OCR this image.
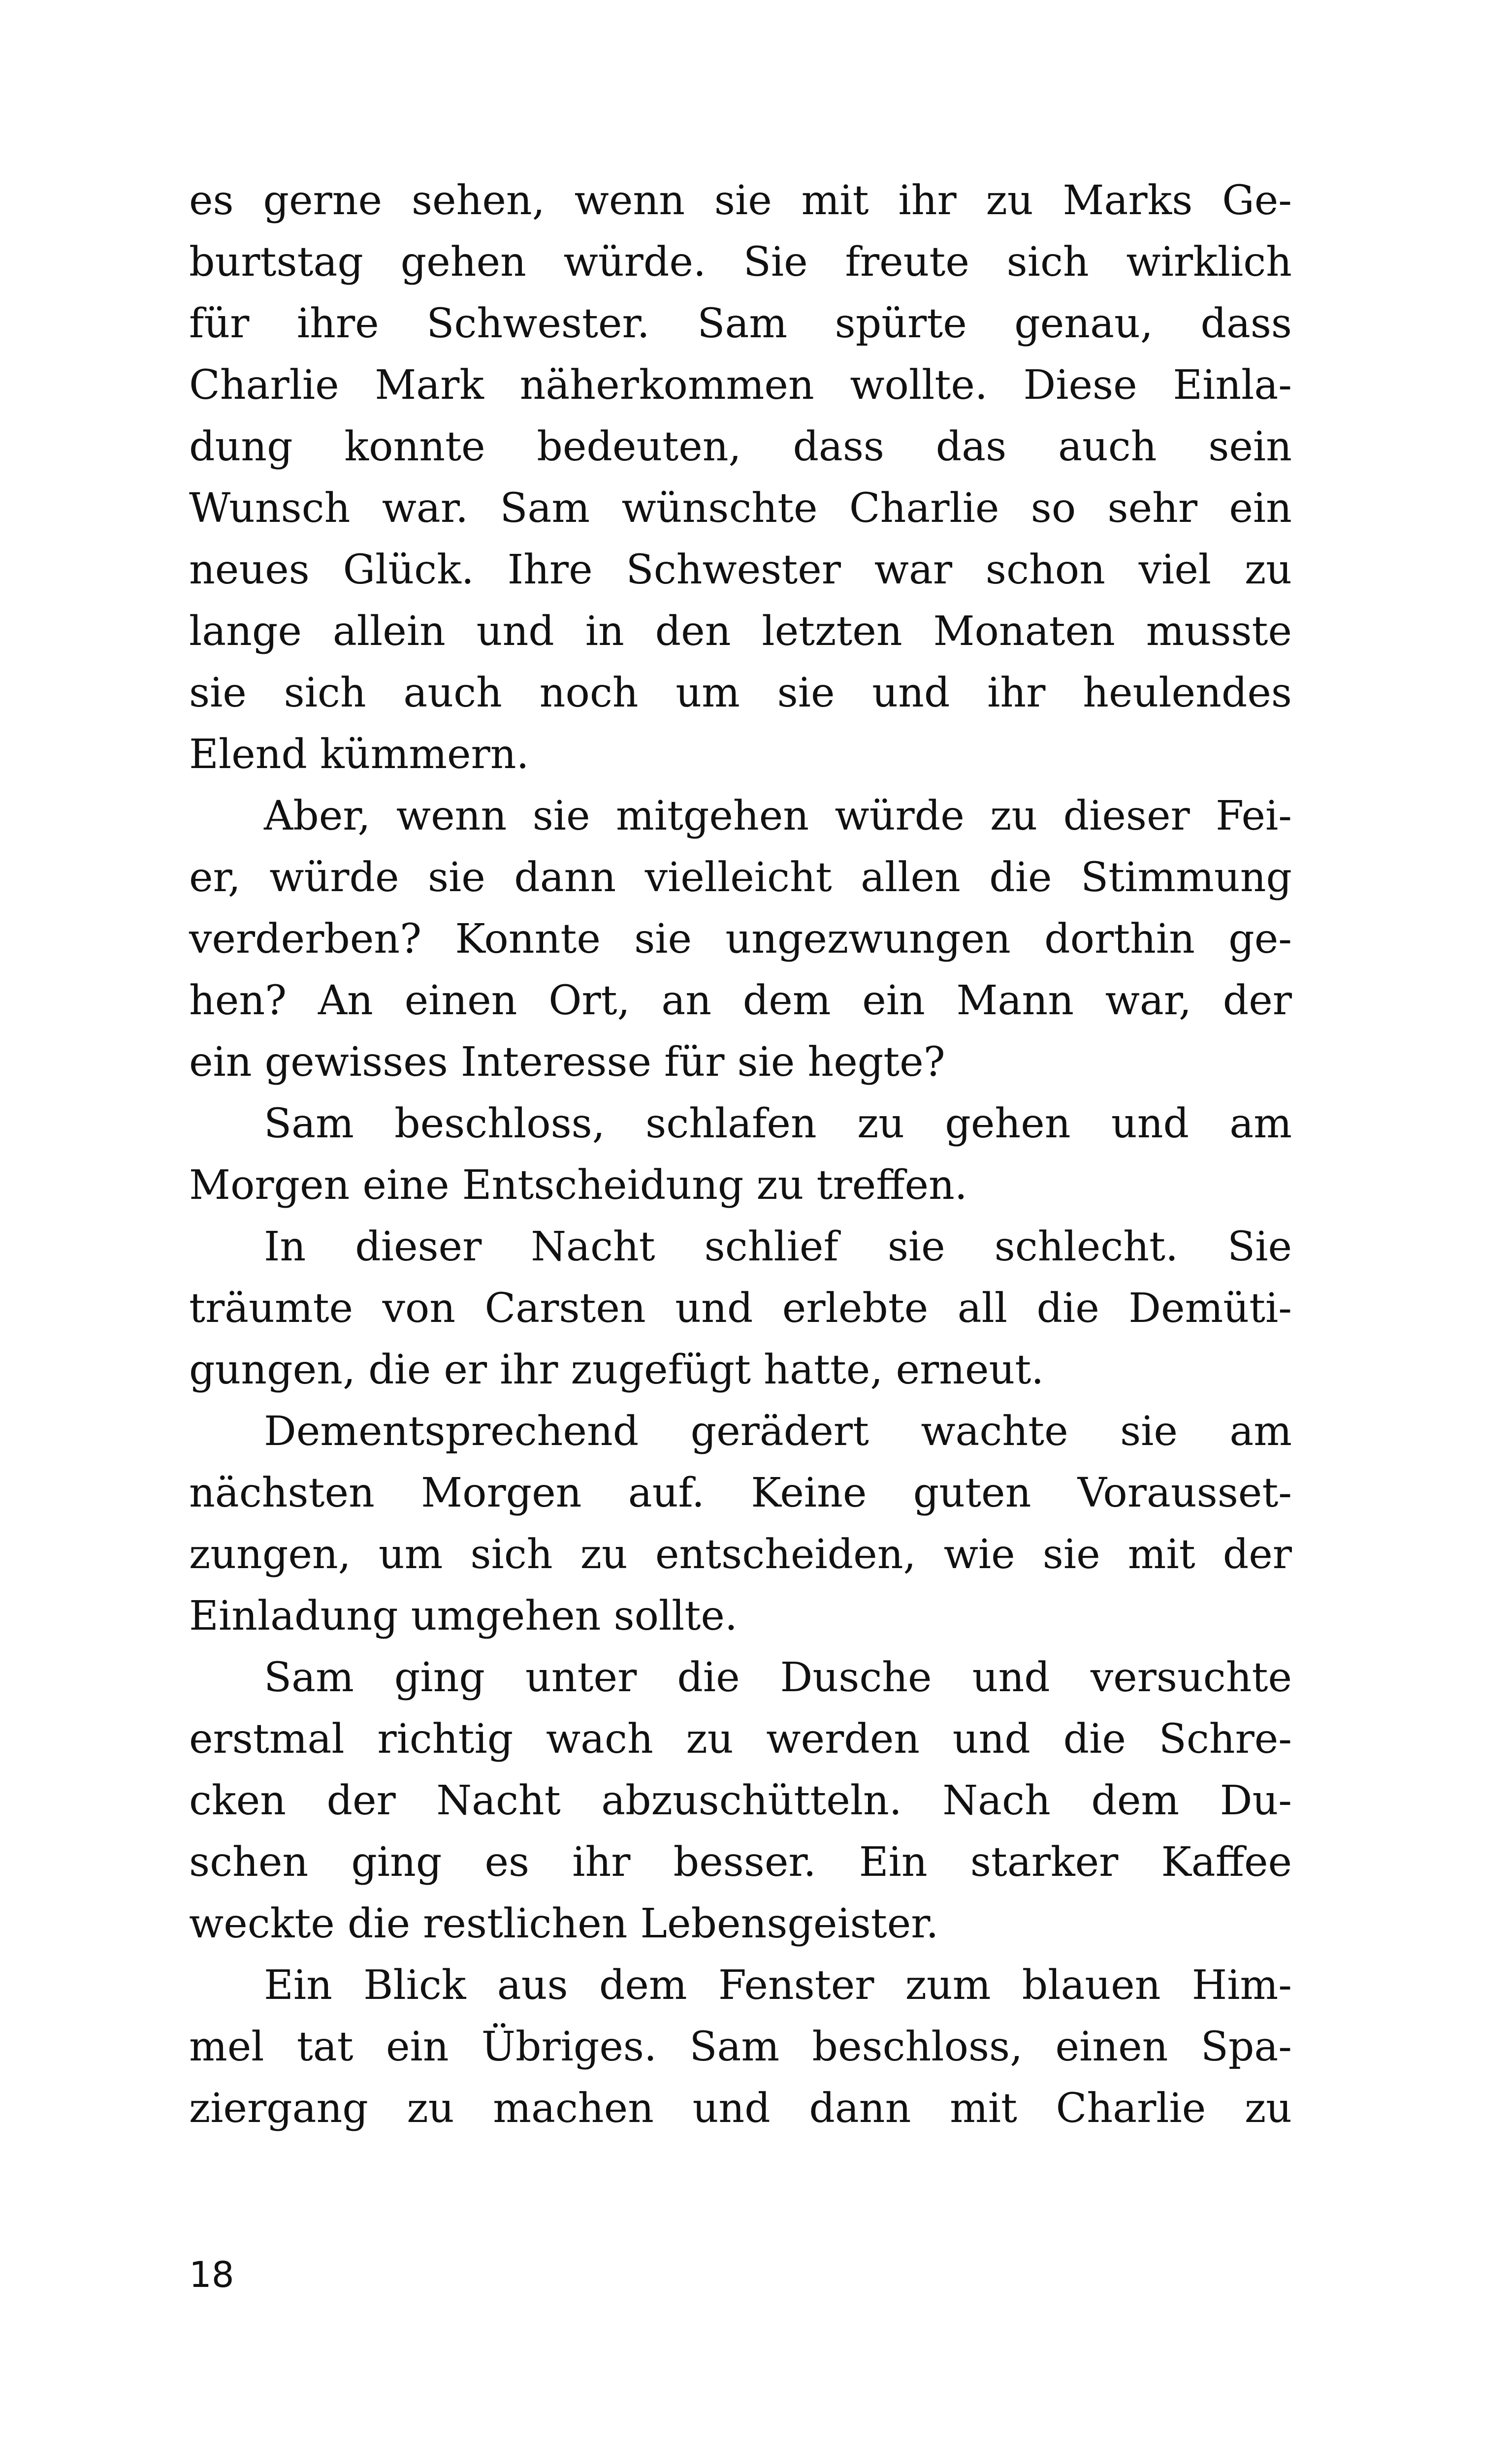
es gerne sehen, wenn sie mit ihr zu Marks Ge-
burtstag gehen würde. Sie freute sich wirklich
für ihre Schwester. Sam spürte genau, dass
Charlie Mark näherkommen wollte. Diese Einla-
dung konnte bedeuten, dass das auch sein
Wunsch war. Sam wünschte Charlie so sehr ein
neues Glück. Ihre Schwester war schon viel zu
lange allein und in den letzten Monaten musste
sie sich auch noch um sie und ihr heulendes
Elend kümmern.
Aber, wenn sie mitgehen würde zu dieser Fei-
er, würde sie dann vielleicht allen die Stimmung
verderben? Konnte sie ungezwungen dorthin ge-
hen? An einen Ort, an dem ein Mann war, der
ein gewisses Interesse für sie hegte?
Sam beschloss, schlafen zu gehen und am
Morgen eine Entscheidung zu treffen.
In dieser Nacht schlief sie schlecht. Sie
träumte von Carsten und erlebte all die Demüti-
gungen, die er ihr zugefügt hatte, erneut.
Dementsprechend gerädert wachte sie am
nächsten Morgen auf. Keine guten Vorausset-
zungen, um sich zu entscheiden, wie sie mit der
Einladung umgehen sollte.
Sam ging unter die Dusche und versuchte
erstmal richtig wach zu werden und die Schre-
cken der Nacht abzuschütteln. Nach dem Du-
schen ging es ihr besser. Ein starker Kaffee
weckte die restlichen Lebensgeister.
Ein Blick aus dem Fenster zum blauen Him-
mel tat ein Übriges. Sam beschloss, einen Spa-
ziergang zu machen und dann mit Charlie zu
18
